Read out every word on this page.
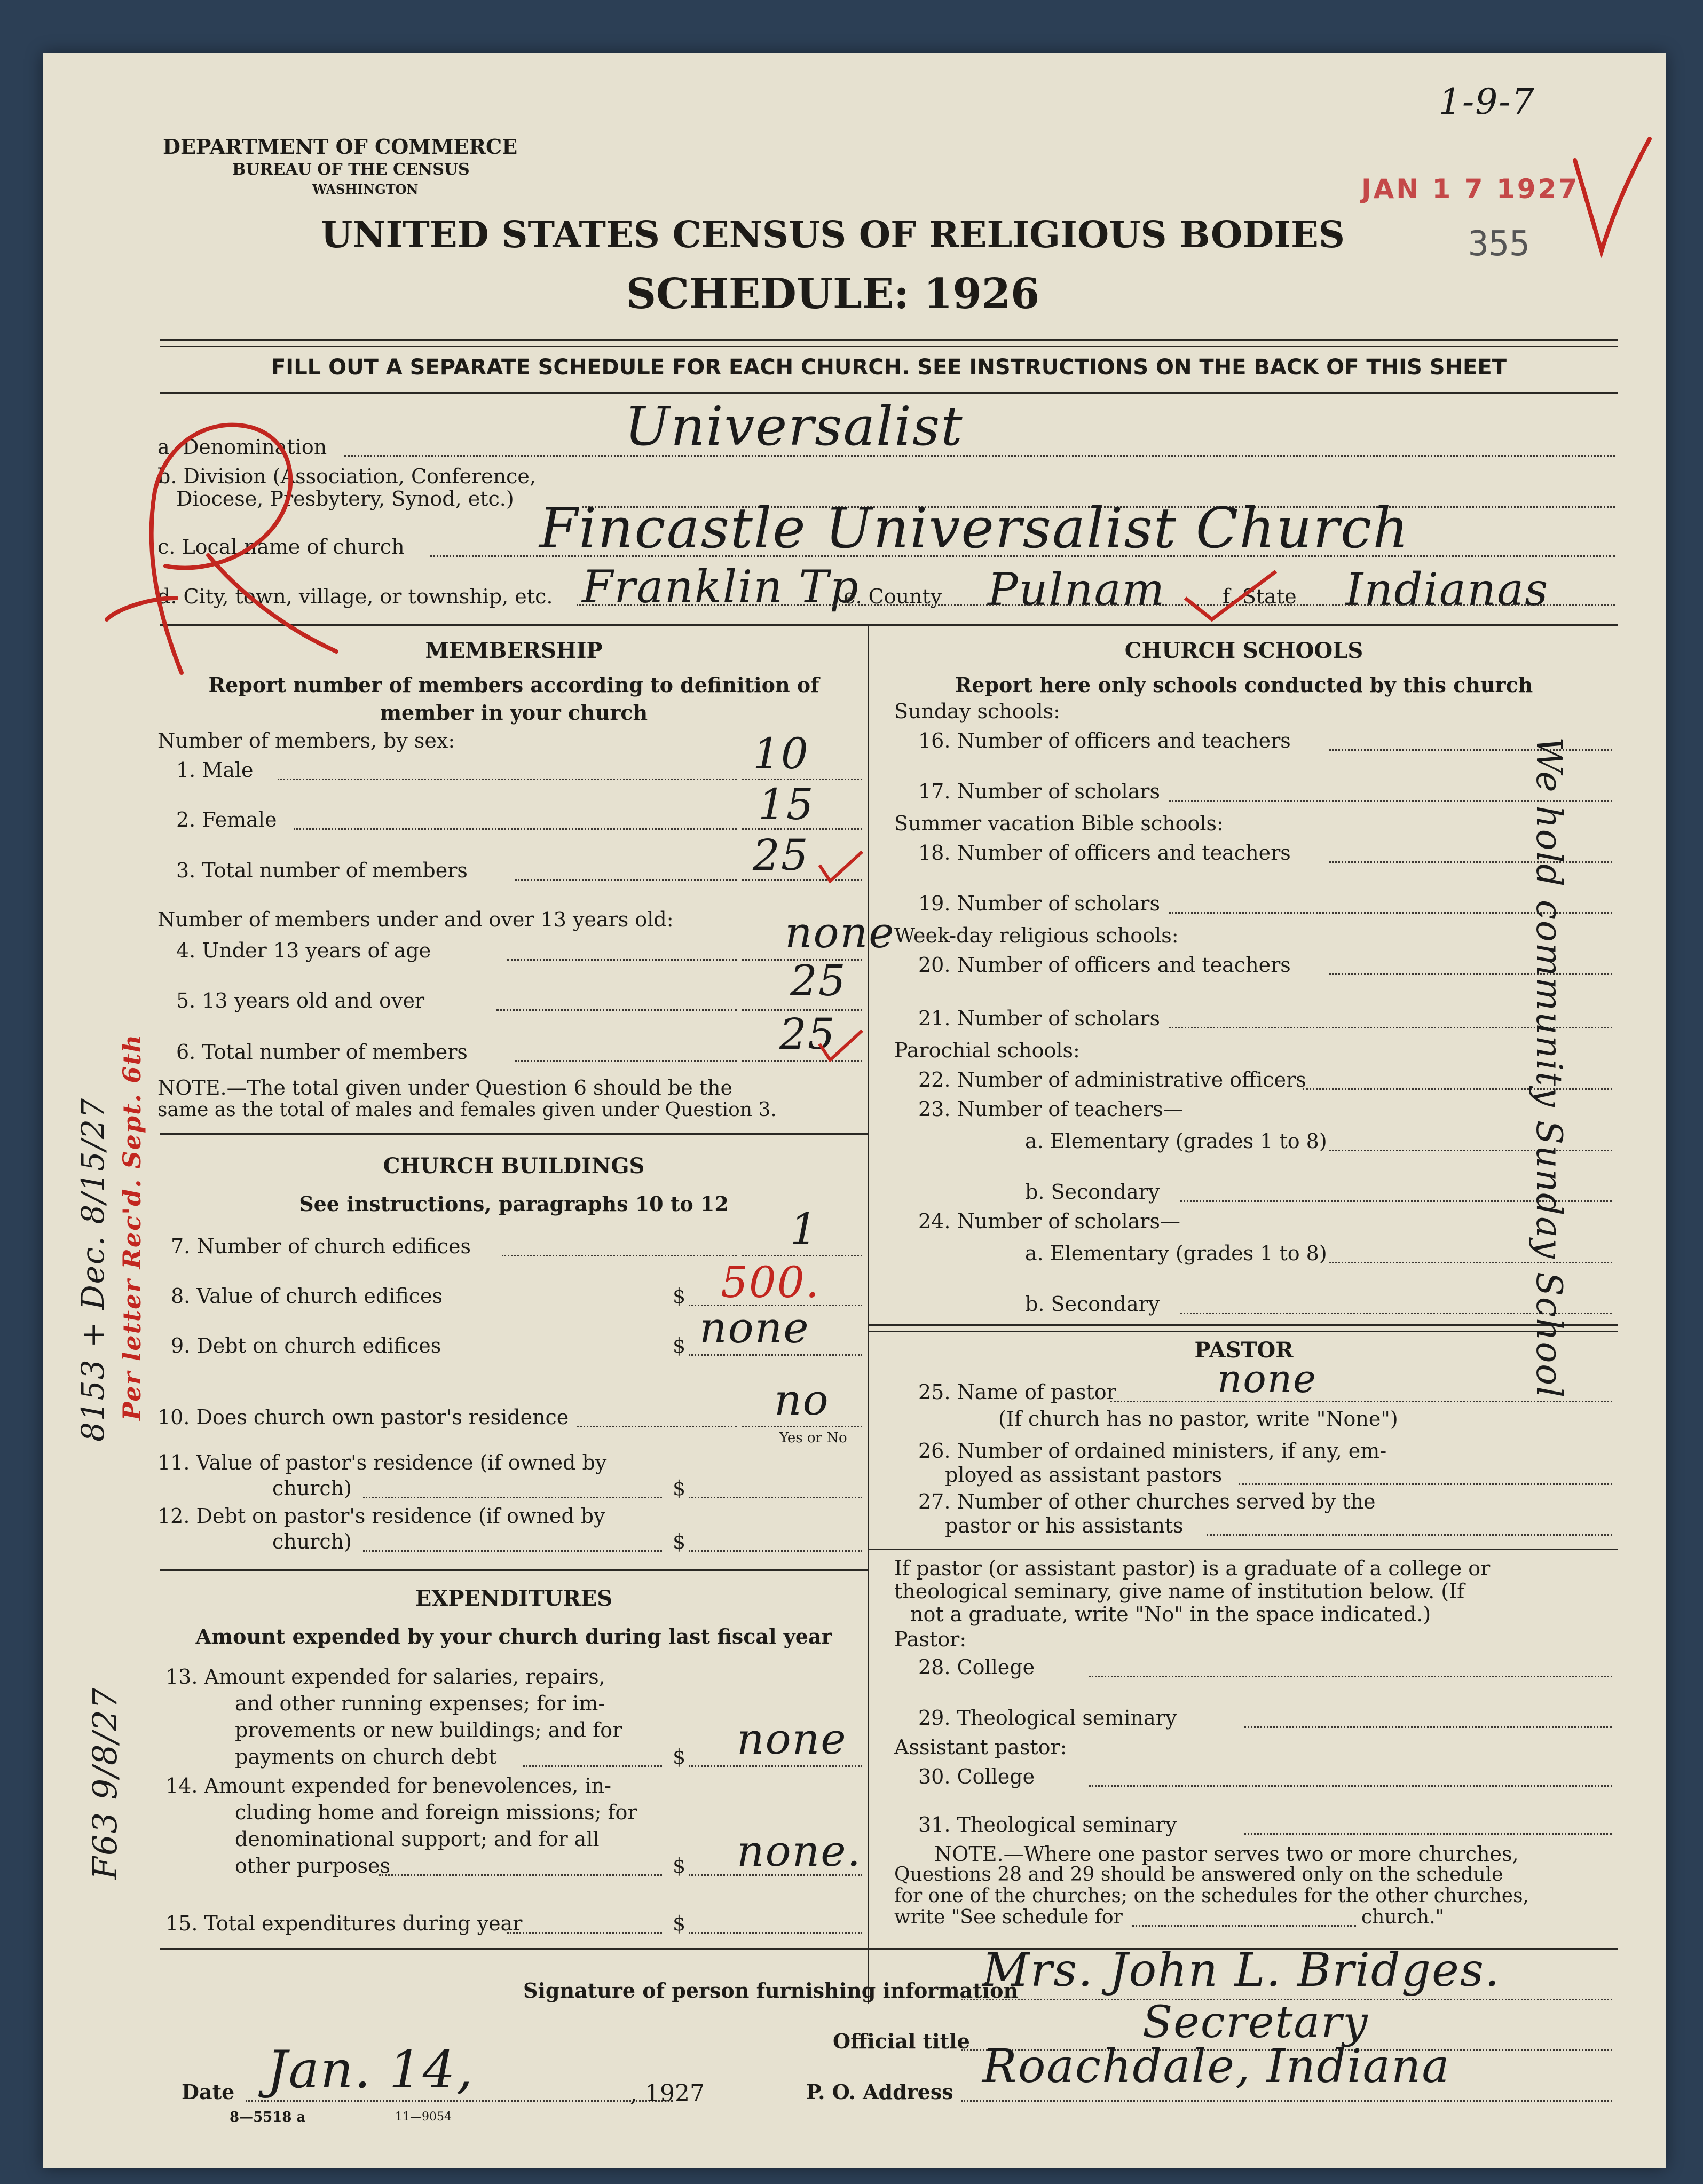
DEPARTMENT OF COMMERCE
BUREAU OF THE CENSUS
WASHINGTON
1-9-7
JAN 1 7 1927
355
UNITED STATES CENSUS OF RELIGIOUS BODIES
SCHEDULE: 1926
FILL OUT A SEPARATE SCHEDULE FOR EACH CHURCH. SEE INSTRUCTIONS ON THE BACK OF THIS SHEET
a. Denomination	Universalist
b. Division (Association, Conference,
Diocese, Presbytery, Synod, etc.)
c. Local name of church Fincastle Universalist Church
d. City, town, village, or township, etc. Franklin Tp
e. County Pulnam	f. State Indianas
MEMBERSHIP
Report number of members according to definition of
member in your church
Number of members, by sex:
1. Male	10
2. Female	15
3. Total number of members	25
Number of members under and over 13 years old:
4. Under 13 years of age	none
5. 13 years old and over	25
6. Total number of members	25
NOTE.—The total given under Question 6 should be the
same as the total of males and females given under Question 3.
CHURCH BUILDINGS
See instructions, paragraphs 10 to 12
7. Number of church edifices	1
8. Value of church edifices	$ 500.
9. Debt on church edifices	$ none
10. Does church own pastor's residence	no
Yes or No
11. Value of pastor's residence (if owned by
church)	$
12. Debt on pastor's residence (if owned by
church)	$
EXPENDITURES
Amount expended by your church during last fiscal year
13. Amount expended for salaries, repairs,
and other running expenses; for im-
provements or new buildings; and for
payments on church debt	$ none
14. Amount expended for benevolences, in-
cluding home and foreign missions; for
denominational support; and for all
other purposes	$ none.
15. Total expenditures during year	$
CHURCH SCHOOLS
Report here only schools conducted by this church
Sunday schools:
16. Number of officers and teachers
17. Number of scholars
Summer vacation Bible schools:
18. Number of officers and teachers
19. Number of scholars
Week-day religious schools:
20. Number of officers and teachers
21. Number of scholars
Parochial schools:
22. Number of administrative officers
23. Number of teachers—
a. Elementary (grades 1 to 8)
b. Secondary
24. Number of scholars—
a. Elementary (grades 1 to 8)
b. Secondary
PASTOR
25. Name of pastor	none
(If church has no pastor, write "None")
26. Number of ordained ministers, if any, em-
ployed as assistant pastors
27. Number of other churches served by the
pastor or his assistants
If pastor (or assistant pastor) is a graduate of a college or
theological seminary, give name of institution below. (If
not a graduate, write "No" in the space indicated.)
Pastor:
28. College
29. Theological seminary
Assistant pastor:
30. College
31. Theological seminary
NOTE.—Where one pastor serves two or more churches,
Questions 28 and 29 should be answered only on the schedule
for one of the churches; on the schedules for the other churches,
write "See schedule for	church."
Signature of person furnishing information
Mrs. John L. Bridges.
Official title	Secretary
Date Jan. 14,	, 1927	P. O. Address Roachdale, Indiana
8—5518 a	11—9054
We hold community Sunday School
8153 + Dec. 8/15/27 Per letter Rec'd. Sept. 6th
F63 9/8/27
